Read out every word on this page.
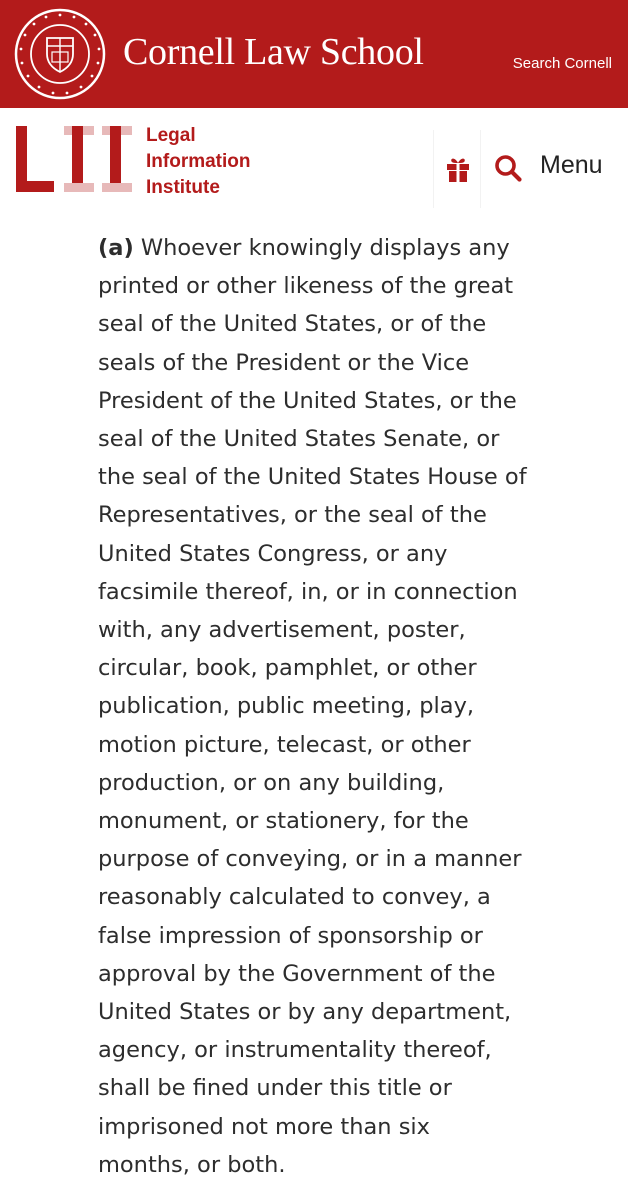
Cornell Law School	Search Cornell
Legal
Information
Institute
Menu

(a) Whoever knowingly displays any
printed or other likeness of the great
seal of the United States, or of the
seals of the President or the Vice
President of the United States, or the
seal of the United States Senate, or
the seal of the United States House of
Representatives, or the seal of the
United States Congress, or any
facsimile thereof, in, or in connection
with, any advertisement, poster,
circular, book, pamphlet, or other
publication, public meeting, play,
motion picture, telecast, or other
production, or on any building,
monument, or stationery, for the
purpose of conveying, or in a manner
reasonably calculated to convey, a
false impression of sponsorship or
approval by the Government of the
United States or by any department,
agency, or instrumentality thereof,
shall be fined under this title or
imprisoned not more than six
months, or both.
